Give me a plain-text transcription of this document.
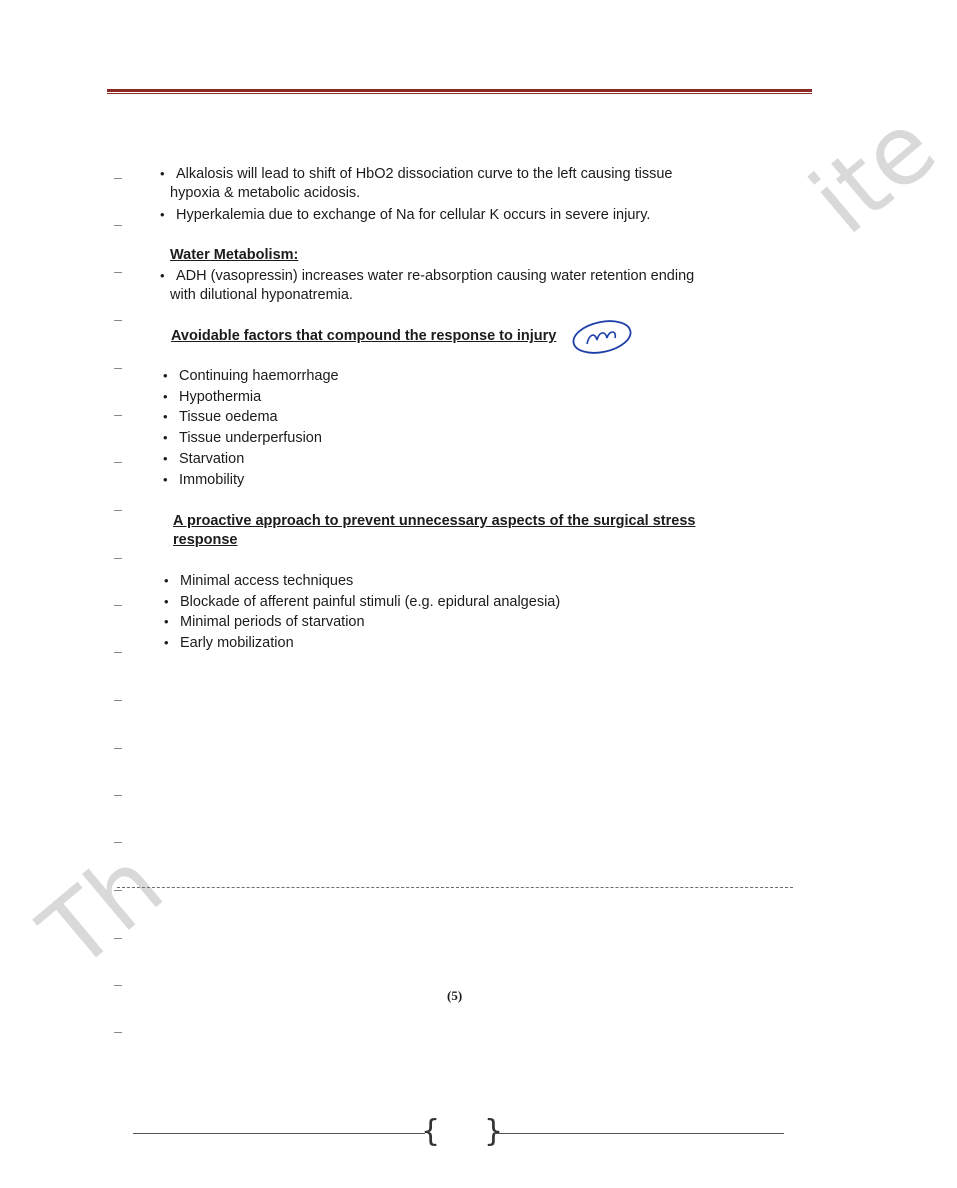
ite
Th
• Alkalosis will lead to shift of HbO2 dissociation curve to the left causing tissue
hypoxia & metabolic acidosis.
• Hyperkalemia due to exchange of Na for cellular K occurs in severe injury.
Water Metabolism:
• ADH (vasopressin) increases water re-absorption causing water retention ending
with dilutional hyponatremia.
Avoidable factors that compound the response to injury
• Continuing haemorrhage
• Hypothermia
• Tissue oedema
• Tissue underperfusion
• Starvation
• Immobility
A proactive approach to prevent unnecessary aspects of the surgical stress
response
• Minimal access techniques
• Blockade of afferent painful stimuli (e.g. epidural analgesia)
• Minimal periods of starvation
• Early mobilization
(5)
{ }
